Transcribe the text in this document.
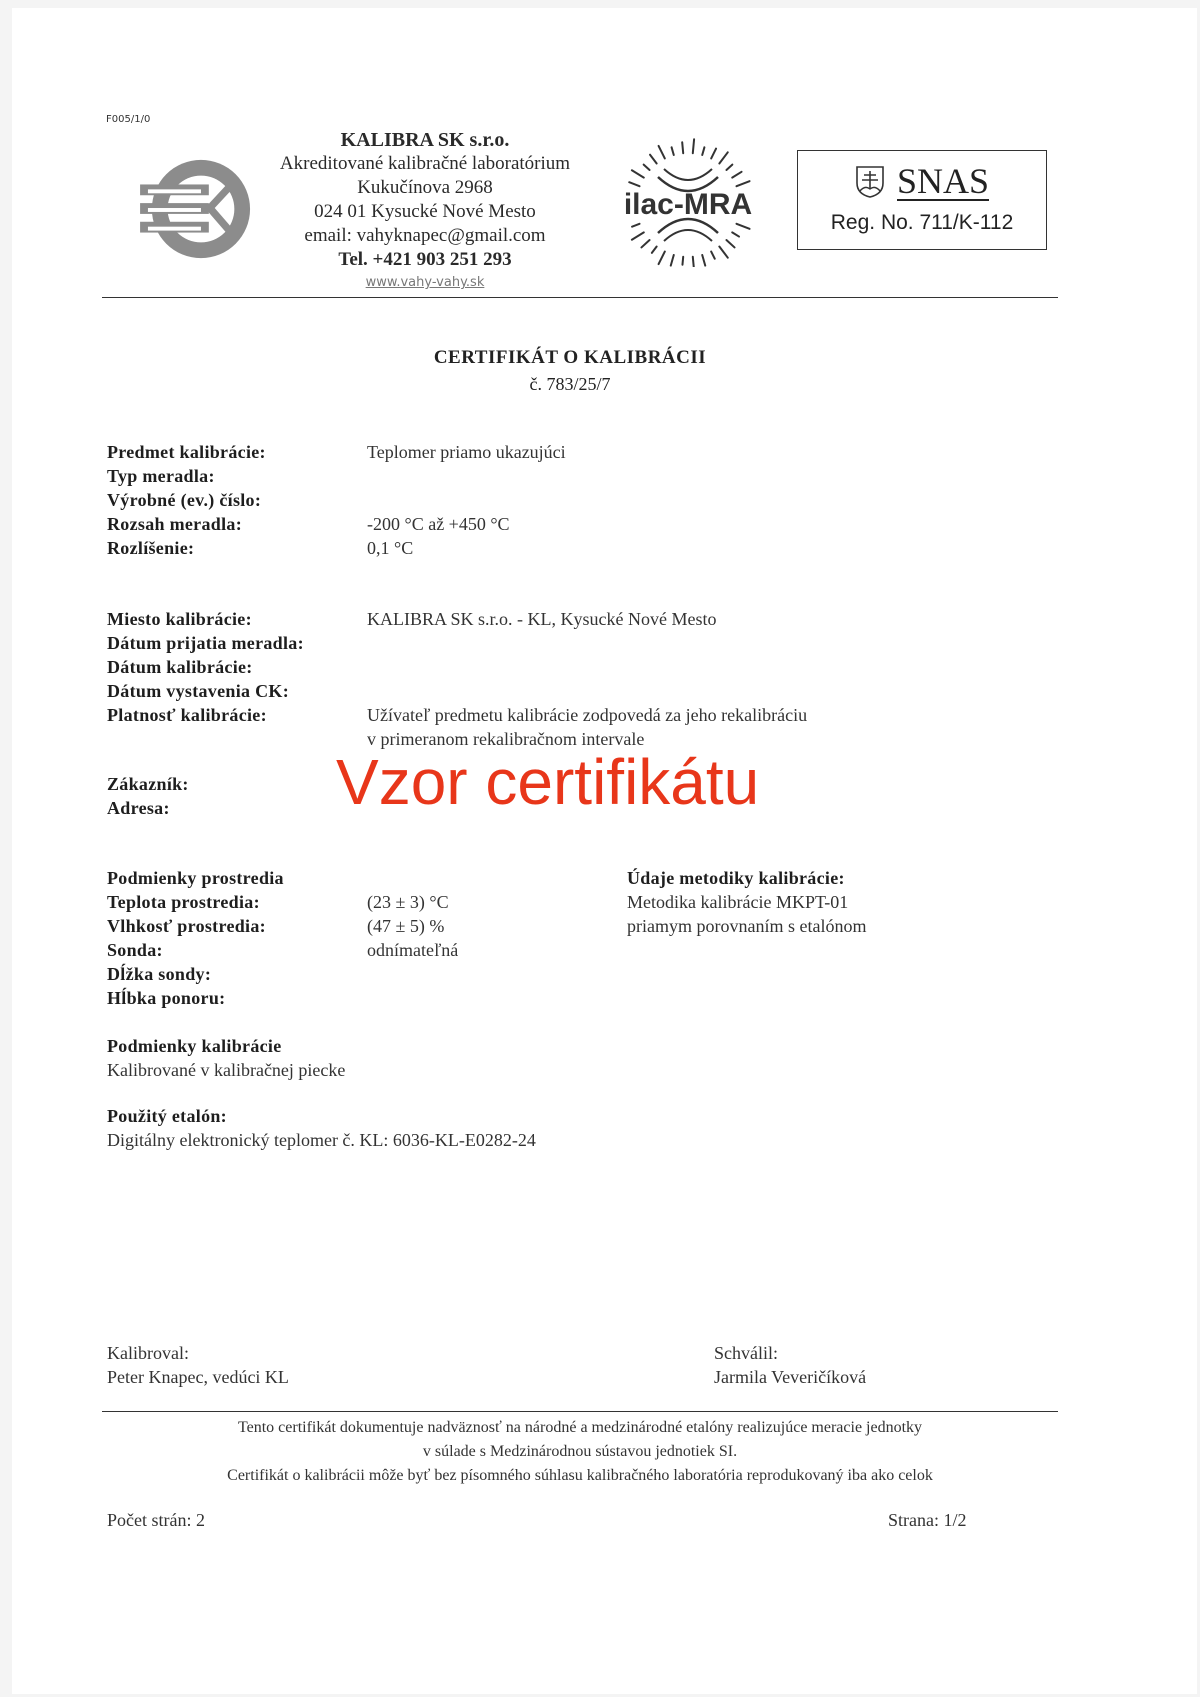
F005/1/0
KALIBRA SK s.r.o.
Akreditované kalibračné laboratórium
Kukučínova 2968
024 01 Kysucké Nové Mesto
email: vahyknapec@gmail.com
Tel. +421 903 251 293
www.vahy-vahy.sk
ilac-MRA
SNAS
Reg. No. 711/K-112
CERTIFIKÁT O KALIBRÁCII
č. 783/25/7
Predmet kalibrácie:
Typ meradla:
Výrobné (ev.) číslo:
Rozsah meradla:
Rozlíšenie:
Teplomer priamo ukazujúci
-200 °C až +450 °C
0,1 °C
Miesto kalibrácie:
Dátum prijatia meradla:
Dátum kalibrácie:
Dátum vystavenia CK:
Platnosť kalibrácie:
KALIBRA SK s.r.o. - KL, Kysucké Nové Mesto
Užívateľ predmetu kalibrácie zodpovedá za jeho rekalibráciu
v primeranom rekalibračnom intervale
Zákazník:
Adresa:	Vzor certifikátu
Podmienky prostredia
Teplota prostredia:
Vlhkosť prostredia:
Sonda:
Dĺžka sondy:
Hĺbka ponoru:
(23 ± 3) °C
(47 ± 5) %
odnímateľná
Údaje metodiky kalibrácie:
Metodika kalibrácie MKPT-01
priamym porovnaním s etalónom
Podmienky kalibrácie
Kalibrované v kalibračnej piecke
Použitý etalón:
Digitálny elektronický teplomer č. KL: 6036-KL-E0282-24
Kalibroval:
Peter Knapec, vedúci KL
Schválil:
Jarmila Veveričíková
Tento certifikát dokumentuje nadväznosť na národné a medzinárodné etalóny realizujúce meracie jednotky
v súlade s Medzinárodnou sústavou jednotiek SI.
Certifikát o kalibrácii môže byť bez písomného súhlasu kalibračného laboratória reprodukovaný iba ako celok
Počet strán: 2	Strana: 1/2
